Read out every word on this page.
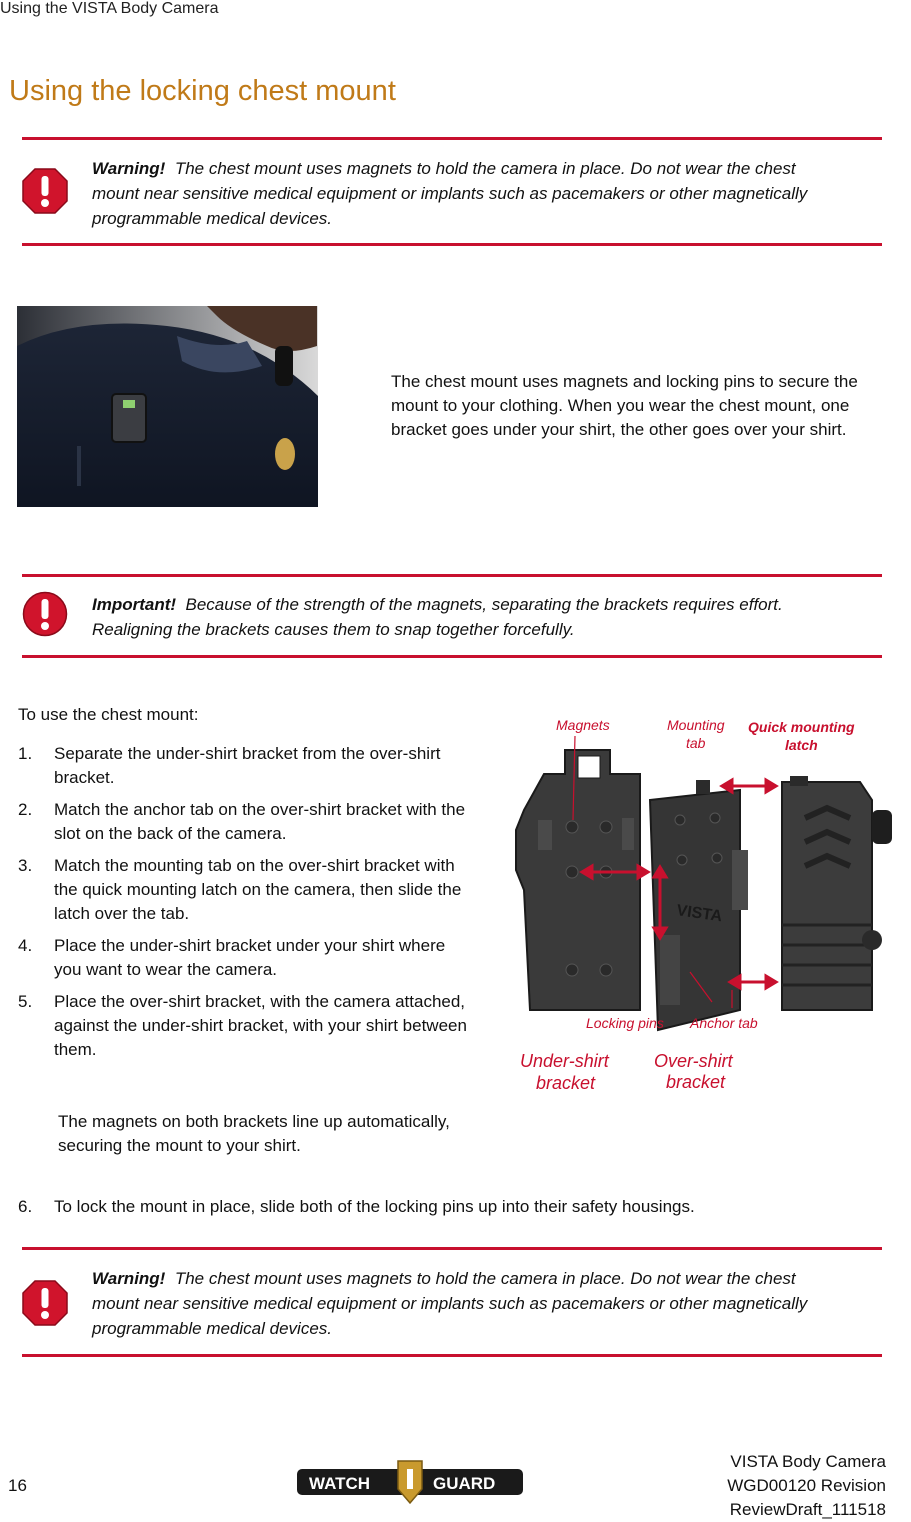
Using the VISTA Body Camera
Using the locking chest mount
Warning! The chest mount uses magnets to hold the camera in place. Do not wear the chest mount near sensitive medical equipment or implants such as pacemakers or other magnetically programmable medical devices.
The chest mount uses magnets and locking pins to secure the mount to your clothing. When you wear the chest mount, one bracket goes under your shirt, the other goes over your shirt.
Important! Because of the strength of the magnets, separating the brackets requires effort. Realigning the brackets causes them to snap together forcefully.
To use the chest mount:
1. Separate the under-shirt bracket from the over-shirt bracket.
2. Match the anchor tab on the over-shirt bracket with the slot on the back of the camera.
3. Match the mounting tab on the over-shirt bracket with the quick mounting latch on the camera, then slide the latch over the tab.
4. Place the under-shirt bracket under your shirt where you want to wear the camera.
5. Place the over-shirt bracket, with the camera attached, against the under-shirt bracket, with your shirt between them.
The magnets on both brackets line up automatically, securing the mount to your shirt.
6. To lock the mount in place, slide both of the locking pins up into their safety housings.
VISTA
Magnets	Mounting
tab
Quick mounting
latch
Locking pins Anchor tab
Under-shirt
bracket
Over-shirt
bracket
Warning! The chest mount uses magnets to hold the camera in place. Do not wear the chest mount near sensitive medical equipment or implants such as pacemakers or other magnetically programmable medical devices.
16	WATCH	GUARD
VISTA Body Camera
WGD00120 Revision
ReviewDraft_111518
